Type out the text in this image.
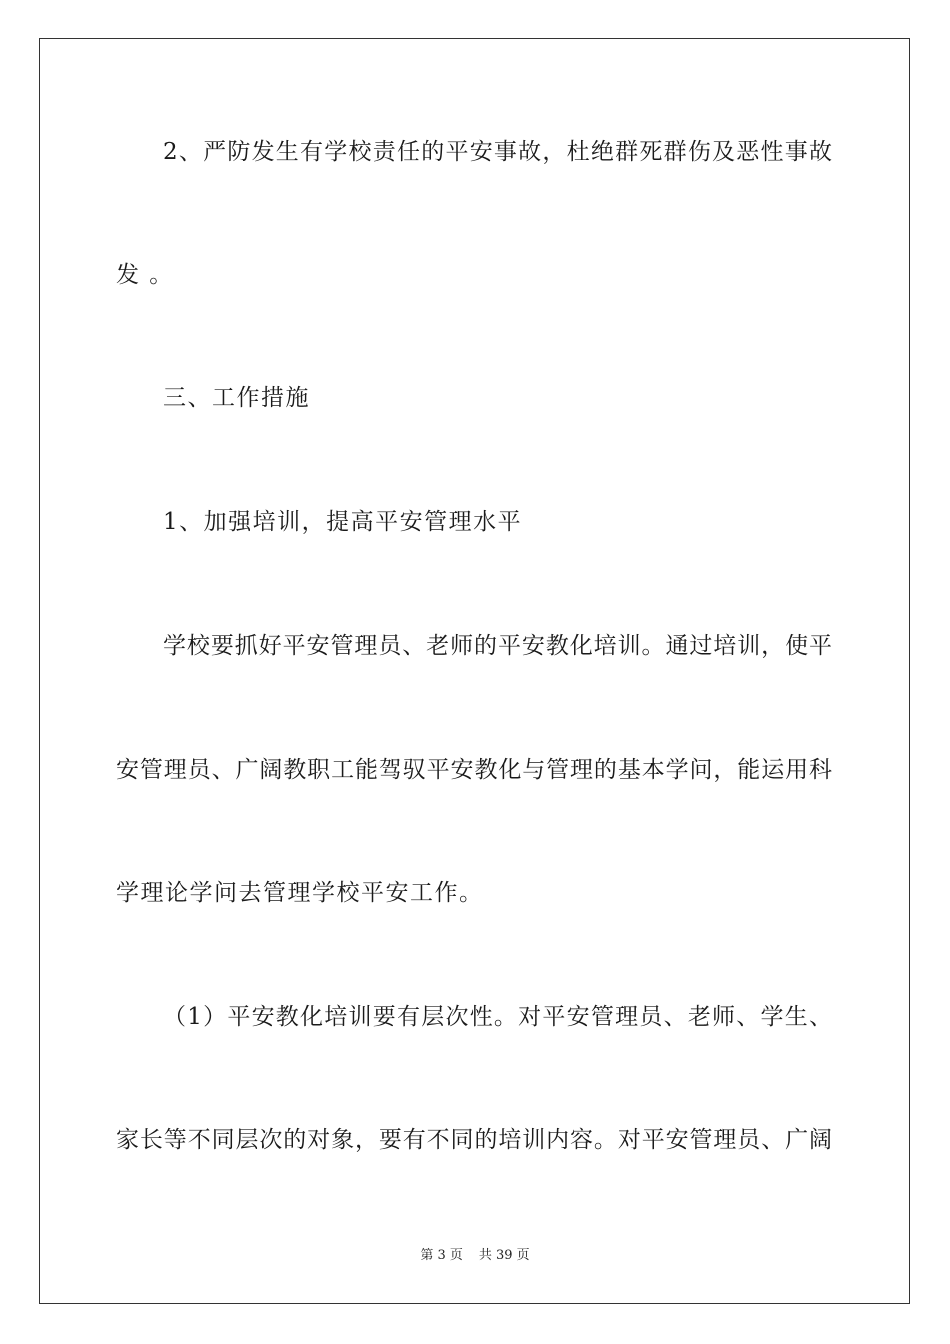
2、严防发生有学校责任的平安事故，杜绝群死群伤及恶性事故
发 。
三、工作措施
1、加强培训，提高平安管理水平
学校要抓好平安管理员、老师的平安教化培训。通过培训，使平
安管理员、广阔教职工能驾驭平安教化与管理的基本学问，能运用科
学理论学问去管理学校平安工作。
（1）平安教化培训要有层次性。对平安管理员、老师、学生、
家长等不同层次的对象，要有不同的培训内容。对平安管理员、广阔
第 3 页 共 39 页
